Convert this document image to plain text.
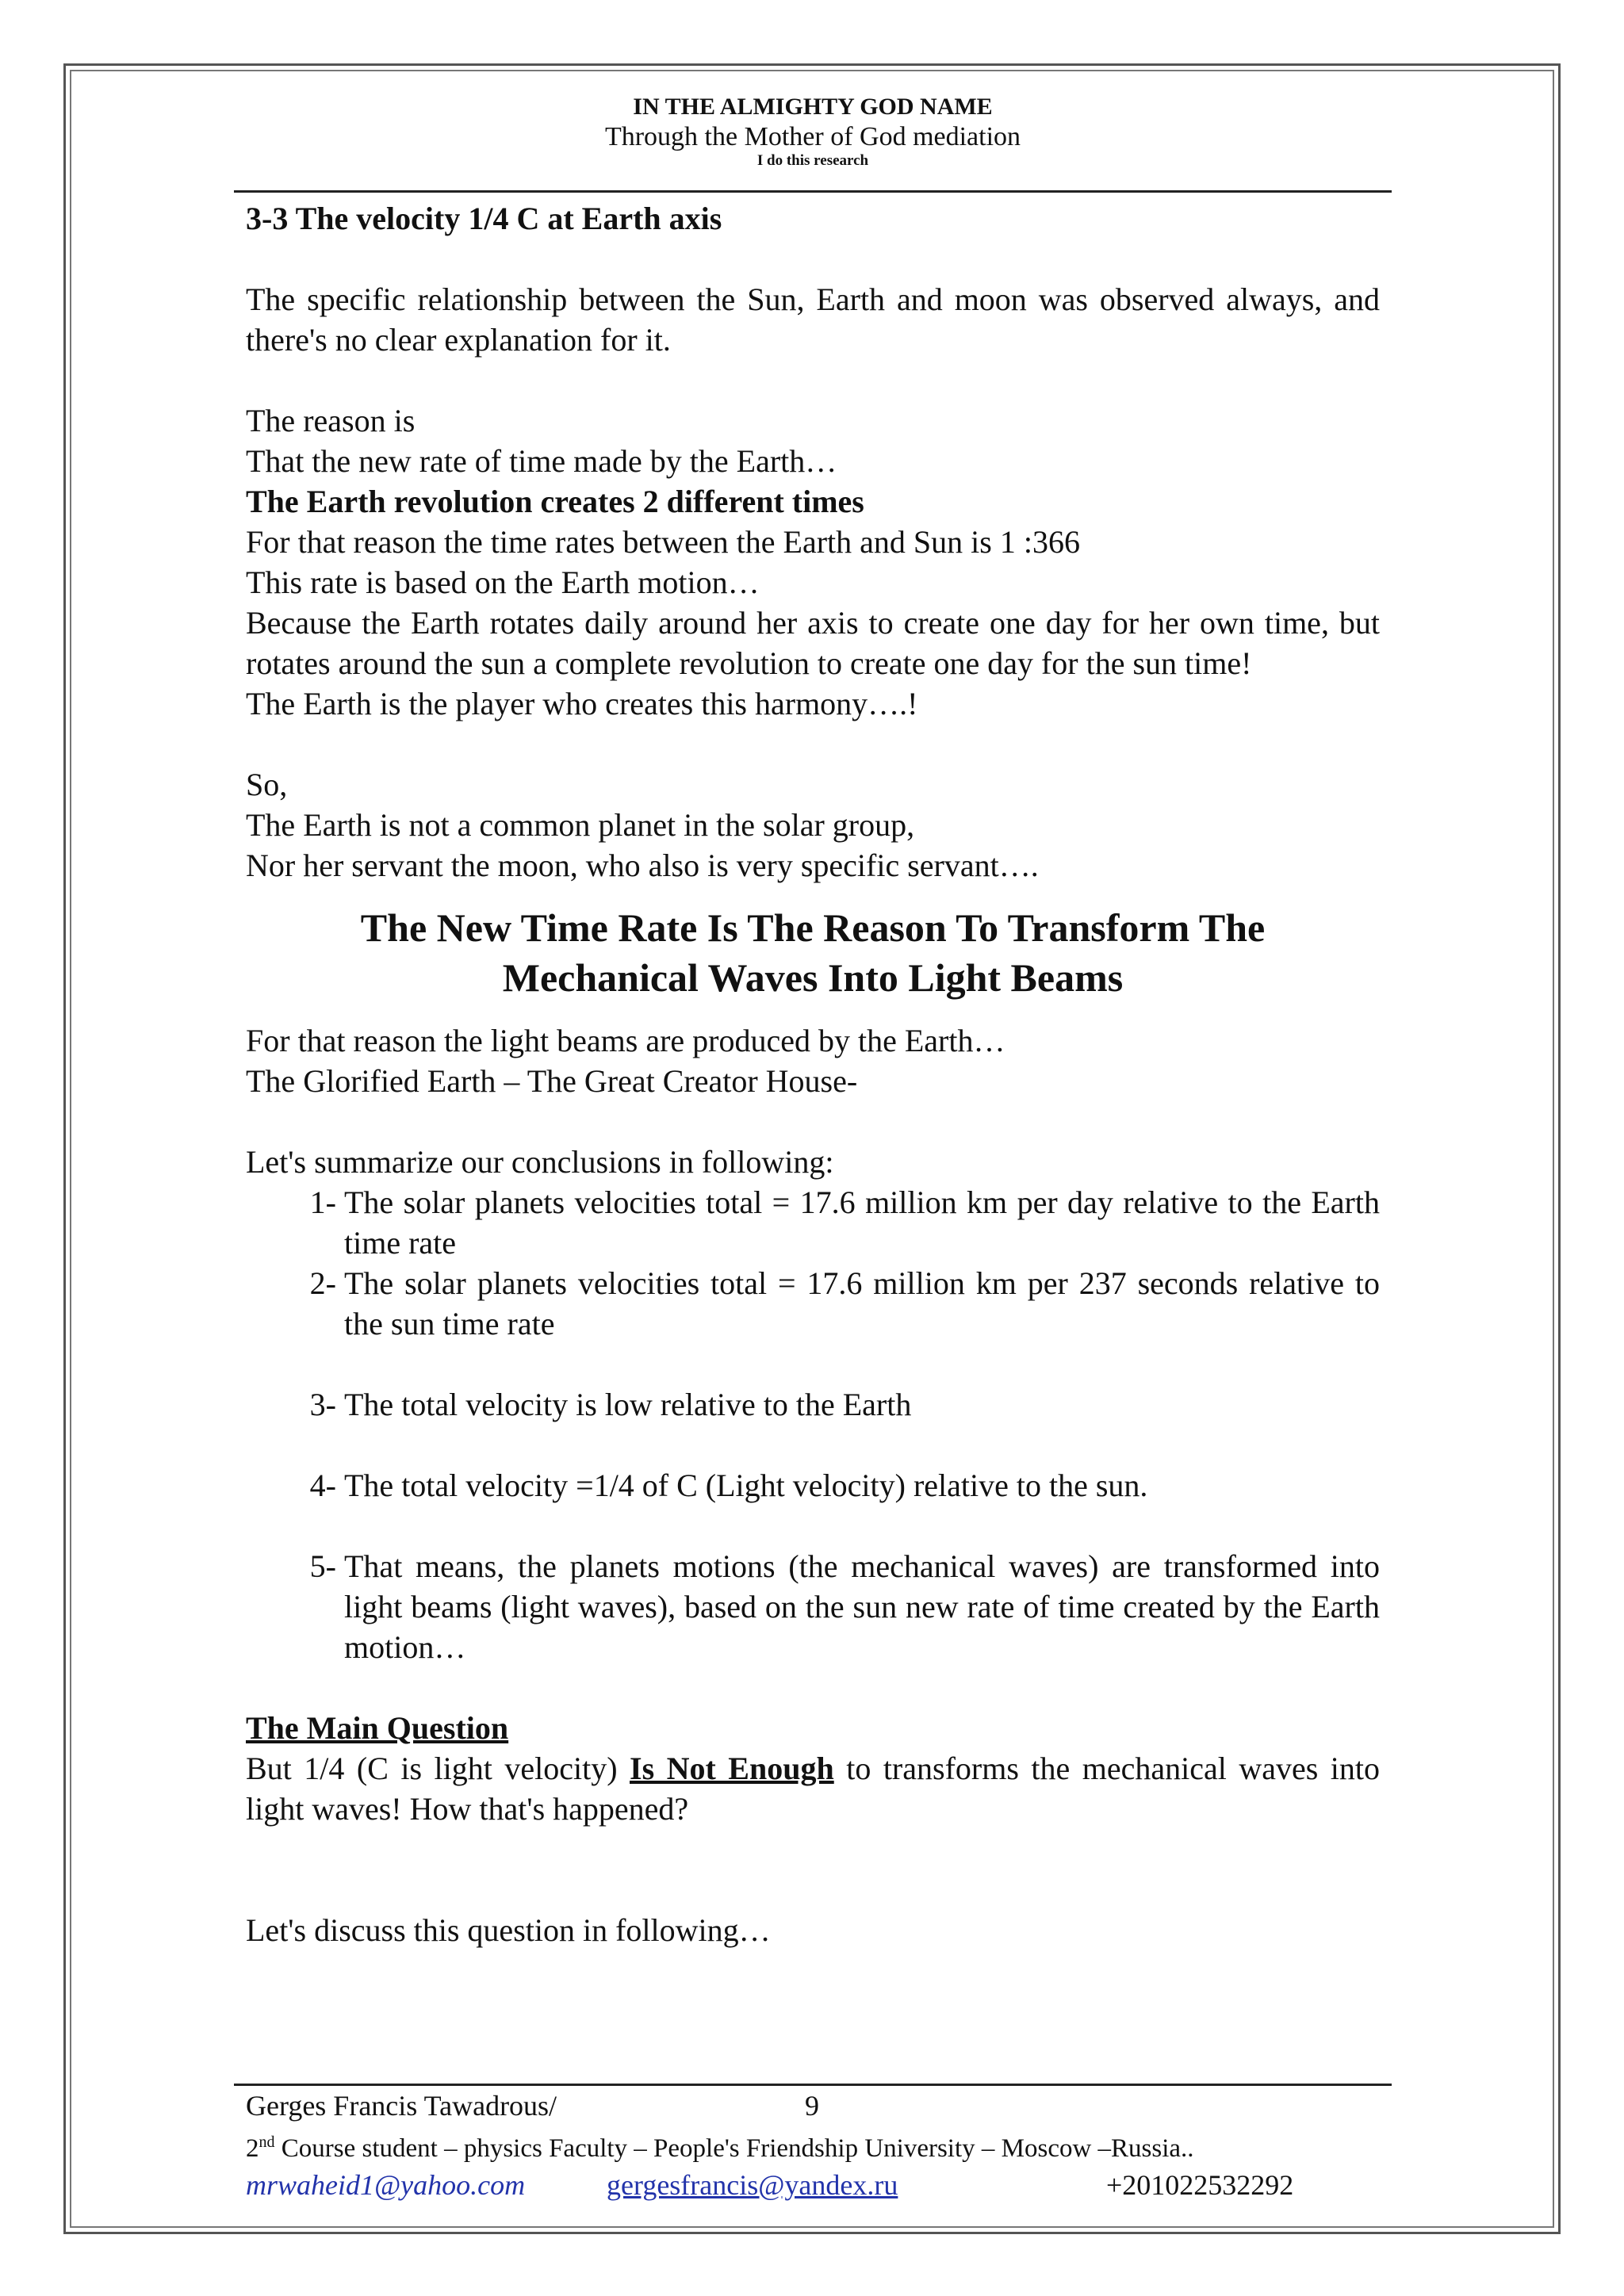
IN THE ALMIGHTY GOD NAME
Through the Mother of God mediation
I do this research

3-3 The velocity 1/4 C at Earth axis

The specific relationship between the Sun, Earth and moon was observed always, and there's no clear explanation for it.

The reason is

That the new rate of time made by the Earth…

The Earth revolution creates 2 different times

For that reason the time rates between the Earth and Sun is 1 :366

This rate is based on the Earth motion…

Because the Earth rotates daily around her axis to create one day for her own time, but rotates around the sun a complete revolution to create one day for the sun time!

The Earth is the player who creates this harmony….!

So,

The Earth is not a common planet in the solar group,

Nor her servant the moon, who also is very specific servant….

The New Time Rate Is The Reason To Transform The
Mechanical Waves Into Light Beams

For that reason the light beams are produced by the Earth…

The Glorified Earth – The Great Creator House-

Let's summarize our conclusions in following:

1- The solar planets velocities total = 17.6 million km per day relative to the Earth time rate
2- The solar planets velocities total = 17.6 million km per 237 seconds relative to the sun time rate
3- The total velocity is low relative to the Earth
4- The total velocity =1/4 of C (Light velocity) relative to the sun.
5- That means, the planets motions (the mechanical waves) are transformed into light beams (light waves), based on the sun new rate of time created by the Earth motion…

The Main Question

But 1/4 (C is light velocity) Is Not Enough to transforms the mechanical waves into light waves! How that's happened?

Let's discuss this question in following…

Gerges Francis Tawadrous/	9
2nd Course student – physics Faculty – People's Friendship University – Moscow –Russia..
mrwaheid1@yahoo.com	gergesfrancis@yandex.ru	+201022532292
